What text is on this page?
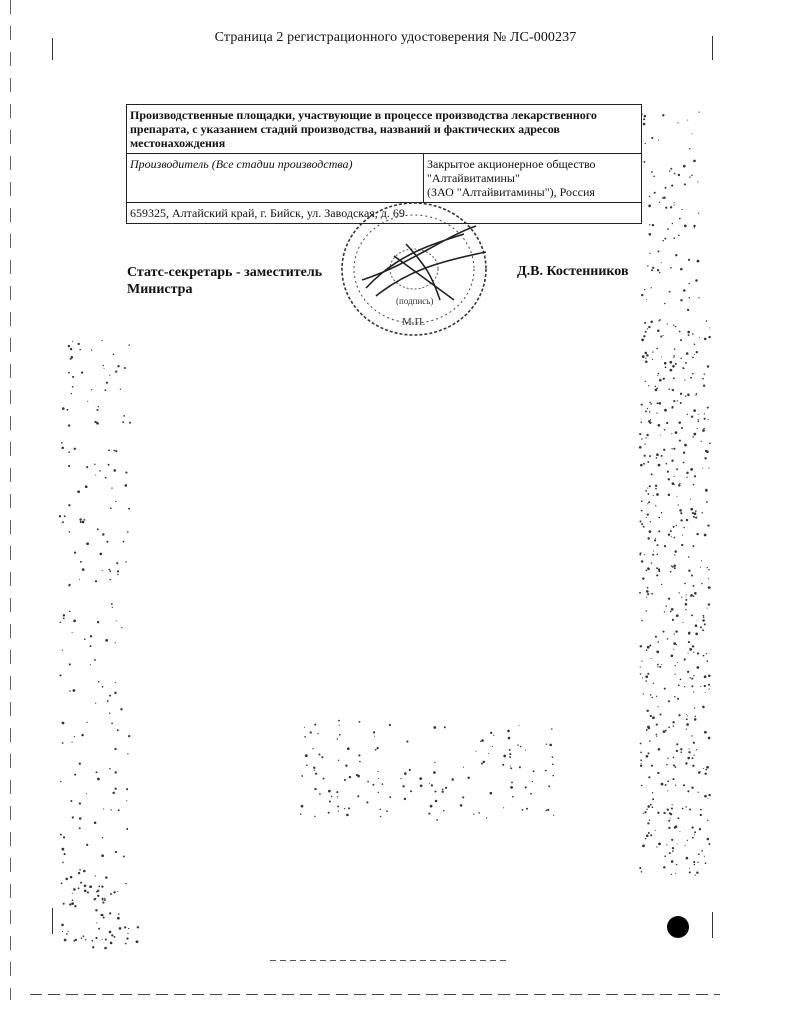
Страница 2 регистрационного удостоверения № ЛС-000237
Производственные площадки, участвующие в процессе производства лекарственного препарата, с указанием стадий производства, названий и фактических адресов местонахождения
Производитель (Все стадии производства)	Закрытое акционерное общество
"Алтайвитамины"
(ЗАО "Алтайвитамины"), Россия

659325, Алтайский край, г. Бийск, ул. Заводская, д. 69
Статс-секретарь - заместитель
Министра
Д.В. Костенников
(подпись)
М.П.
